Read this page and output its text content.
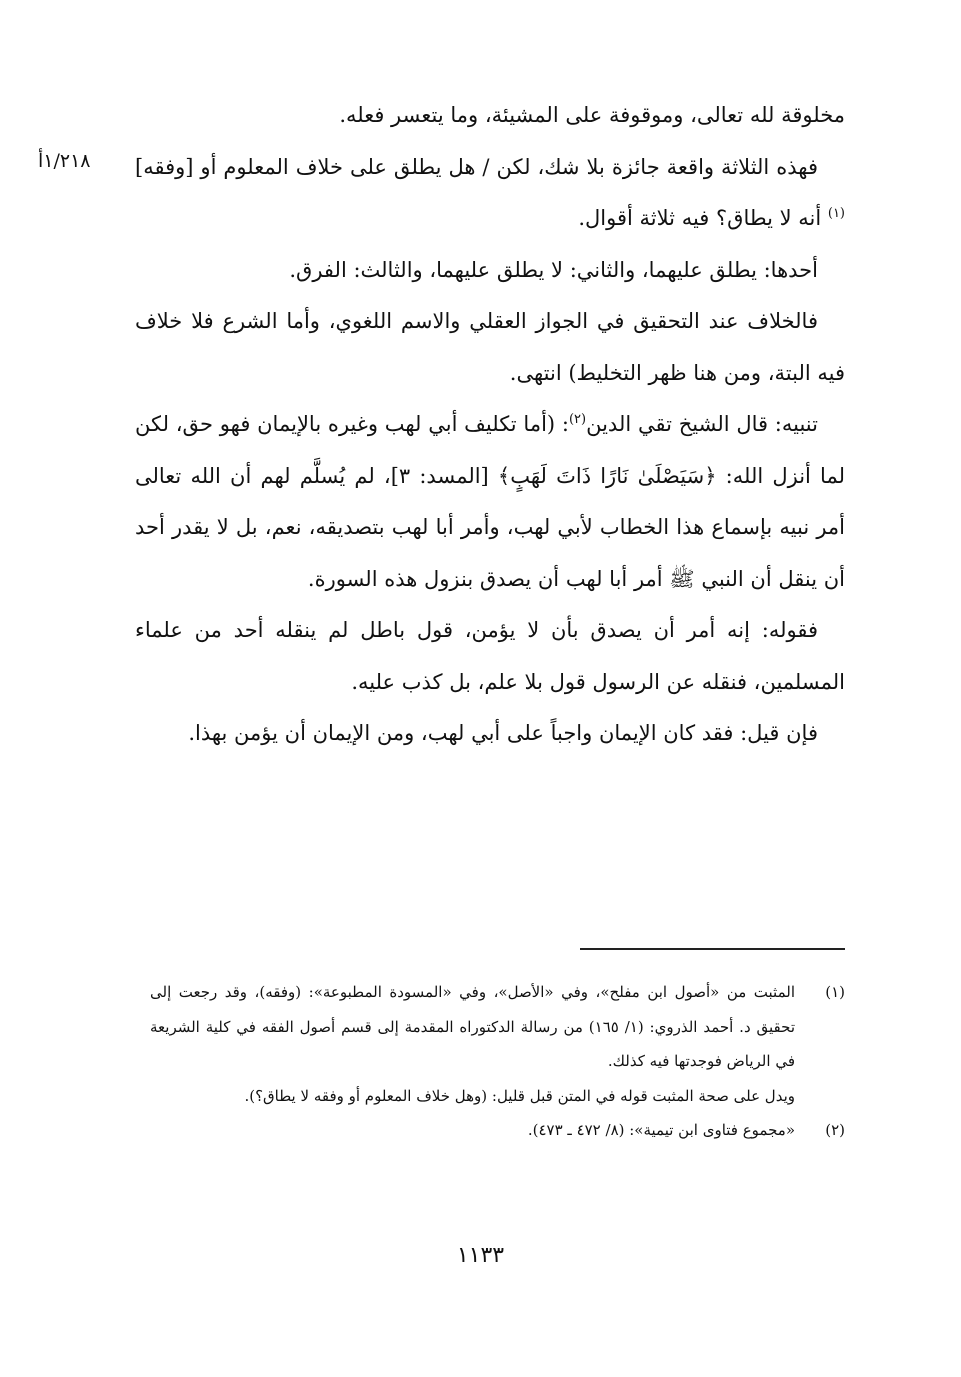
١/٢١٨أ

مخلوقة لله تعالى، وموقوفة على المشيئة، وما يتعسر فعله.

فهذه الثلاثة واقعة جائزة بلا شك، لكن / هل يطلق على خلاف المعلوم أو [وفقه]$^{(١)}$ أنه لا يطاق؟ فيه ثلاثة أقوال.

أحدها: يطلق عليهما، والثاني: لا يطلق عليهما، والثالث: الفرق.

فالخلاف عند التحقيق في الجواز العقلي والاسم اللغوي، وأما الشرع فلا خلاف فيه البتة، ومن هنا ظهر التخليط) انتهى.

تنبيه: قال الشيخ تقي الدين$^{(٢)}$: (أما تكليف أبي لهب وغيره بالإيمان فهو حق، لكن لما أنزل الله: ﴿سَيَصْلَىٰ نَارًا ذَاتَ لَهَبٍ﴾ [المسد: ٣]، لم يُسلَّم لهم أن الله تعالى أمر نبيه بإسماع هذا الخطاب لأبي لهب، وأمر أبا لهب بتصديقه، نعم، بل لا يقدر أحد أن ينقل أن النبي ﷺ أمر أبا لهب أن يصدق بنزول هذه السورة.

فقوله: إنه أمر أن يصدق بأن لا يؤمن، قول باطل لم ينقله أحد من علماء المسلمين، فنقله عن الرسول قول بلا علم، بل كذب عليه.

فإن قيل: فقد كان الإيمان واجباً على أبي لهب، ومن الإيمان أن يؤمن بهذا.

(١)

المثبت من «أصول ابن مفلح»، وفي «الأصل»، وفي «المسودة المطبوعة»: (وفقه)، وقد رجعت إلى تحقيق د. أحمد الذروي: (١/ ١٦٥) من رسالة الدكتوراه المقدمة إلى قسم أصول الفقه في كلية الشريعة في الرياض فوجدتها فيه كذلك.

ويدل على صحة المثبت قوله في المتن قبل قليل: (وهل خلاف المعلوم أو وفقه لا يطاق؟).

(٢)

«مجموع فتاوى ابن تيمية»: (٨/ ٤٧٢ ـ ٤٧٣).

١١٣٣
